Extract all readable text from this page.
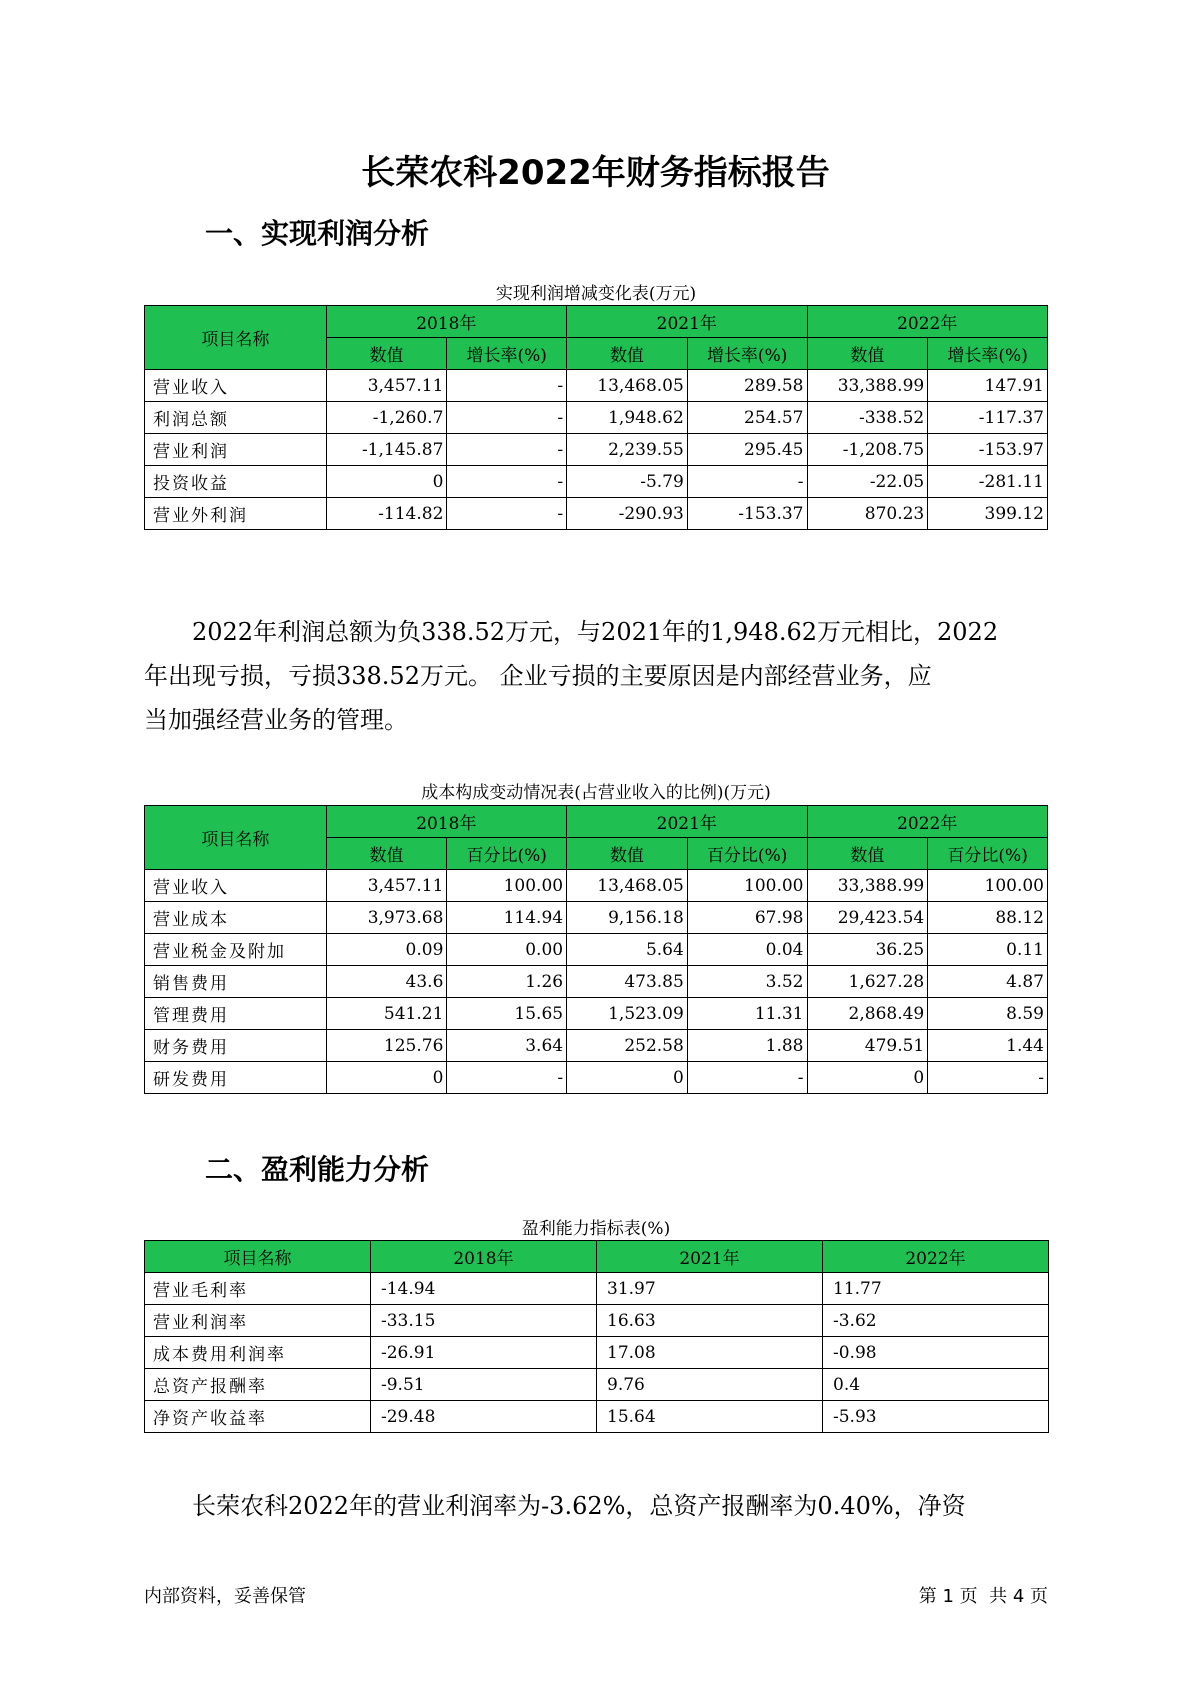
长荣农科2022年财务指标报告
一、实现利润分析
实现利润增减变化表(万元)
项目名称	2018年		2021年		2022年	
	数值	增长率(%)	数值	增长率(%)	数值	增长率(%)
营业收入	3,457.11	-	13,468.05	289.58	33,388.99	147.91
利润总额	-1,260.7	-	1,948.62	254.57	-338.52	-117.37
营业利润	-1,145.87	-	2,239.55	295.45	-1,208.75	-153.97
投资收益	0	-	-5.79	-	-22.05	-281.11
营业外利润	-114.82	-	-290.93	-153.37	870.23	399.12
2022年利润总额为负338.52万元，与2021年的1,948.62万元相比，2022
年出现亏损，亏损338.52万元。 企业亏损的主要原因是内部经营业务，应
当加强经营业务的管理。
成本构成变动情况表(占营业收入的比例)(万元)
项目名称	2018年		2021年		2022年	
	数值	百分比(%)	数值	百分比(%)	数值	百分比(%)
营业收入	3,457.11	100.00	13,468.05	100.00	33,388.99	100.00
营业成本	3,973.68	114.94	9,156.18	67.98	29,423.54	88.12
营业税金及附加	0.09	0.00	5.64	0.04	36.25	0.11
销售费用	43.6	1.26	473.85	3.52	1,627.28	4.87
管理费用	541.21	15.65	1,523.09	11.31	2,868.49	8.59
财务费用	125.76	3.64	252.58	1.88	479.51	1.44
研发费用	0	-	0	-	0	-
二、盈利能力分析
盈利能力指标表(%)
项目名称	2018年	2021年	2022年
营业毛利率	-14.94	31.97	11.77
营业利润率	-33.15	16.63	-3.62
成本费用利润率	-26.91	17.08	-0.98
总资产报酬率	-9.51	9.76	0.4
净资产收益率	-29.48	15.64	-5.93
长荣农科2022年的营业利润率为-3.62%，总资产报酬率为0.40%，净资
内部资料，妥善保管	第 1 页  共 4 页
